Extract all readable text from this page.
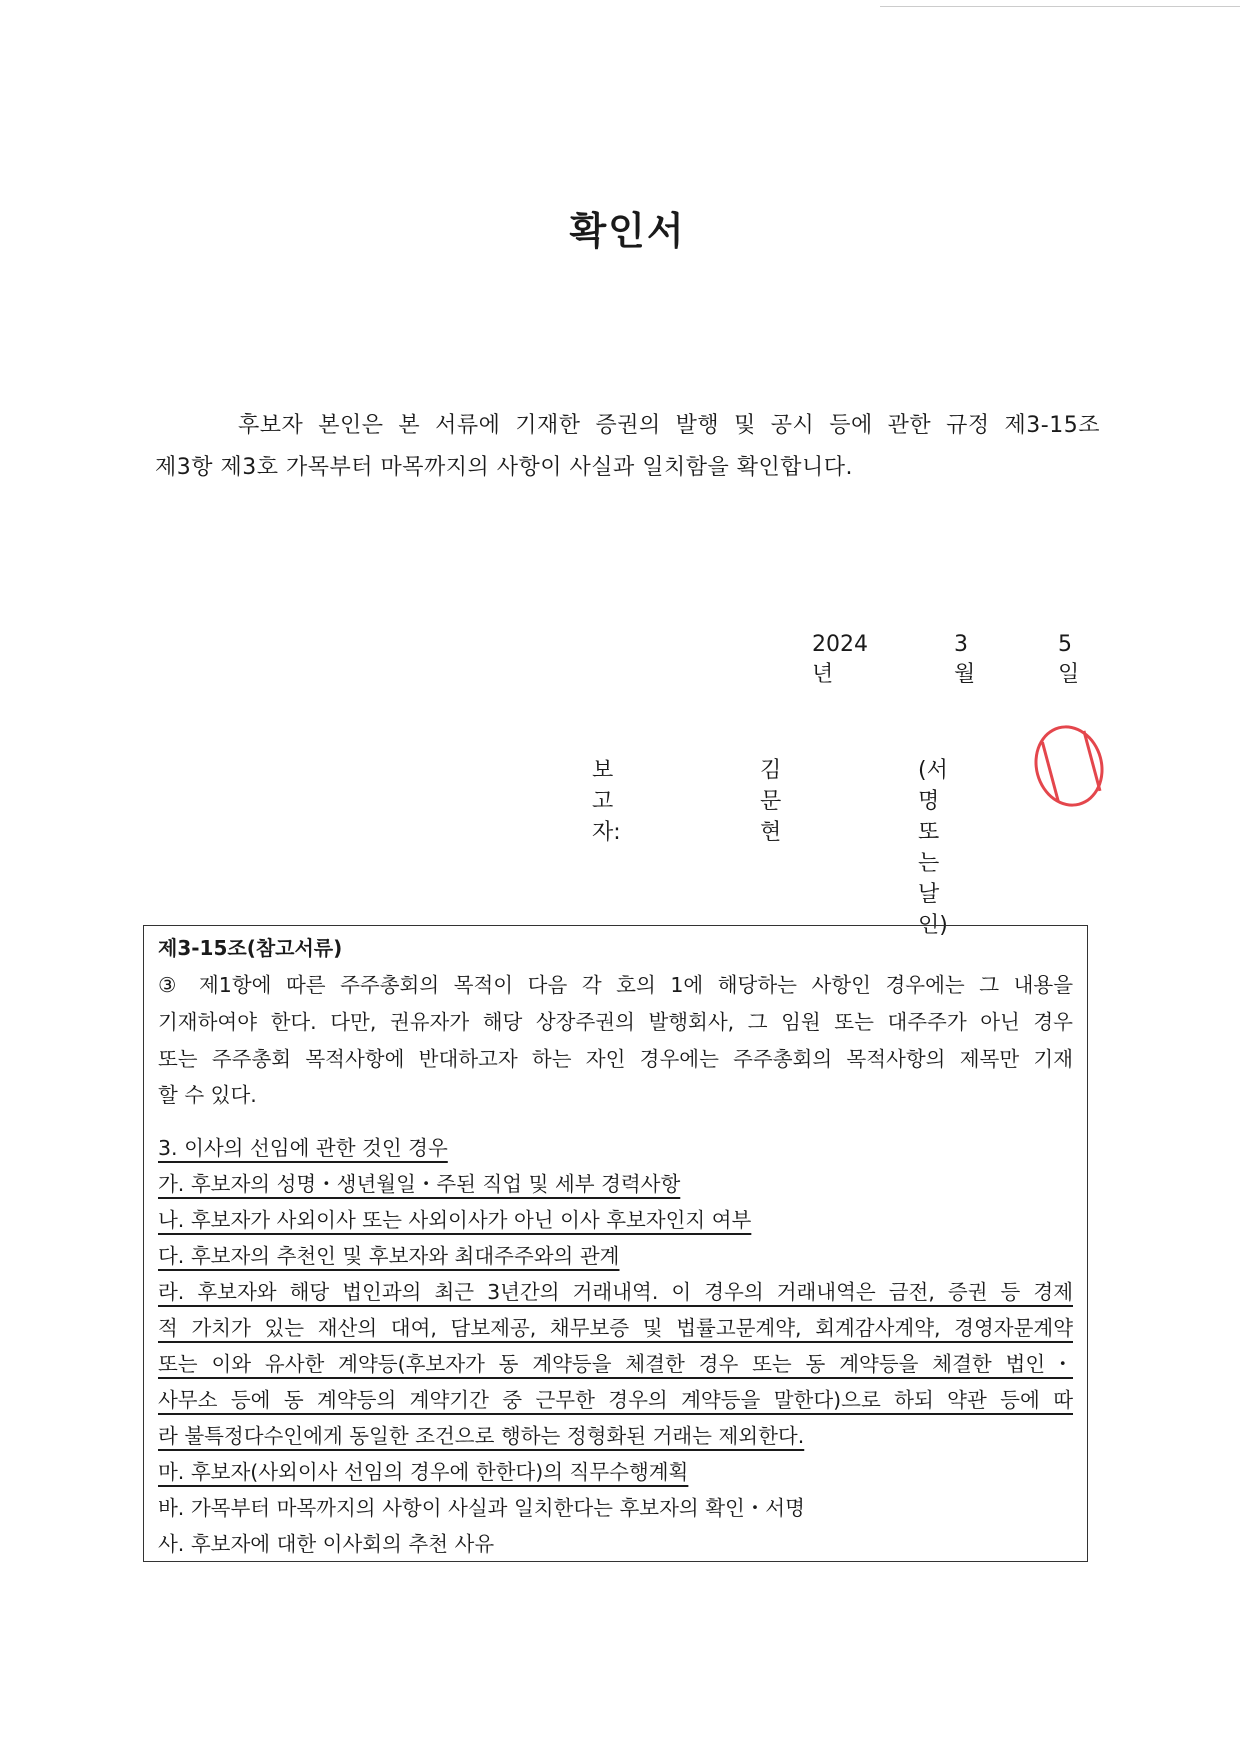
확인서
후보자 본인은 본 서류에 기재한 증권의 발행 및 공시 등에 관한 규정 제3-15조
제3항 제3호 가목부터 마목까지의 사항이 사실과 일치함을 확인합니다.
2024년
3월
5일
보고자:
김 문 현
(서명 또는 날인)
제3-15조(참고서류)
③ 제1항에 따른 주주총회의 목적이 다음 각 호의 1에 해당하는 사항인 경우에는 그 내용을
기재하여야 한다. 다만, 권유자가 해당 상장주권의 발행회사, 그 임원 또는 대주주가 아닌 경우
또는 주주총회 목적사항에 반대하고자 하는 자인 경우에는 주주총회의 목적사항의 제목만 기재
할 수 있다.
3. 이사의 선임에 관한 것인 경우
가. 후보자의 성명・생년월일・주된 직업 및 세부 경력사항
나. 후보자가 사외이사 또는 사외이사가 아닌 이사 후보자인지 여부
다. 후보자의 추천인 및 후보자와 최대주주와의 관계
라. 후보자와 해당 법인과의 최근 3년간의 거래내역. 이 경우의 거래내역은 금전, 증권 등 경제
적 가치가 있는 재산의 대여, 담보제공, 채무보증 및 법률고문계약, 회계감사계약, 경영자문계약
또는 이와 유사한 계약등(후보자가 동 계약등을 체결한 경우 또는 동 계약등을 체결한 법인・
사무소 등에 동 계약등의 계약기간 중 근무한 경우의 계약등을 말한다)으로 하되 약관 등에 따
라 불특정다수인에게 동일한 조건으로 행하는 정형화된 거래는 제외한다.
마. 후보자(사외이사 선임의 경우에 한한다)의 직무수행계획
바. 가목부터 마목까지의 사항이 사실과 일치한다는 후보자의 확인・서명
사. 후보자에 대한 이사회의 추천 사유
